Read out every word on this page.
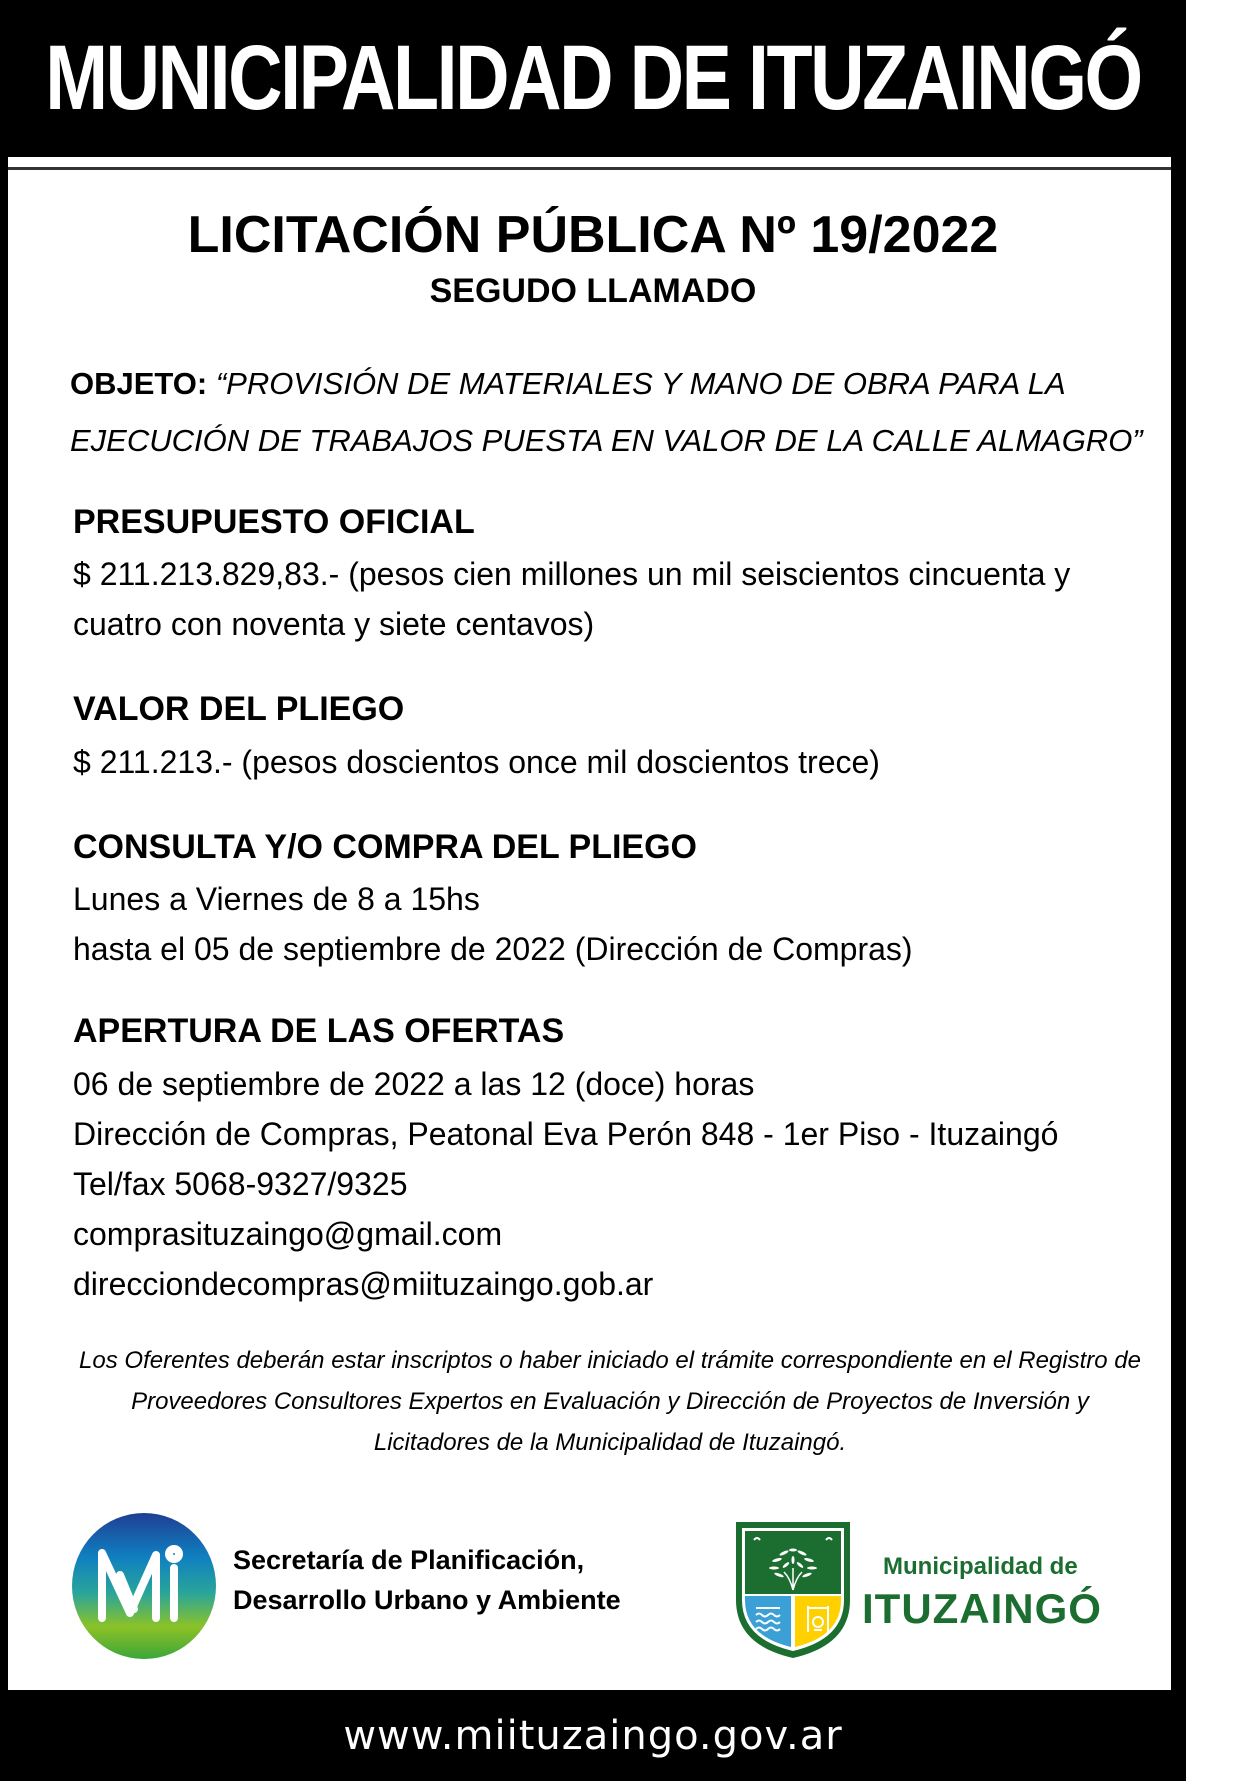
MUNICIPALIDAD DE ITUZAINGÓ
LICITACIÓN PÚBLICA Nº 19/2022
SEGUDO LLAMADO
OBJETO: “PROVISIÓN DE MATERIALES Y MANO DE OBRA PARA LA EJECUCIÓN DE TRABAJOS PUESTA EN VALOR DE LA CALLE ALMAGRO”
PRESUPUESTO OFICIAL
$ 211.213.829,83.- (pesos cien millones un mil seiscientos cincuenta y cuatro con noventa y siete centavos)
VALOR DEL PLIEGO
$ 211.213.- (pesos doscientos once mil doscientos trece)
CONSULTA Y/O COMPRA DEL PLIEGO
Lunes a Viernes de 8 a 15hs
hasta el 05 de septiembre de 2022 (Dirección de Compras)
APERTURA DE LAS OFERTAS
06 de septiembre de 2022 a las 12 (doce) horas
Dirección de Compras, Peatonal Eva Perón 848 - 1er Piso - Ituzaingó
Tel/fax 5068-9327/9325
comprasituzaingo@gmail.com
direcciondecompras@miituzaingo.gob.ar
Los Oferentes deberán estar inscriptos o haber iniciado el trámite correspondiente en el Registro de Proveedores Consultores Expertos en Evaluación y Dirección de Proyectos de Inversión y Licitadores de la Municipalidad de Ituzaingó.
Secretaría de Planificación,
Desarrollo Urbano y Ambiente
Municipalidad de
ITUZAINGÓ
www.miituzaingo.gov.ar
